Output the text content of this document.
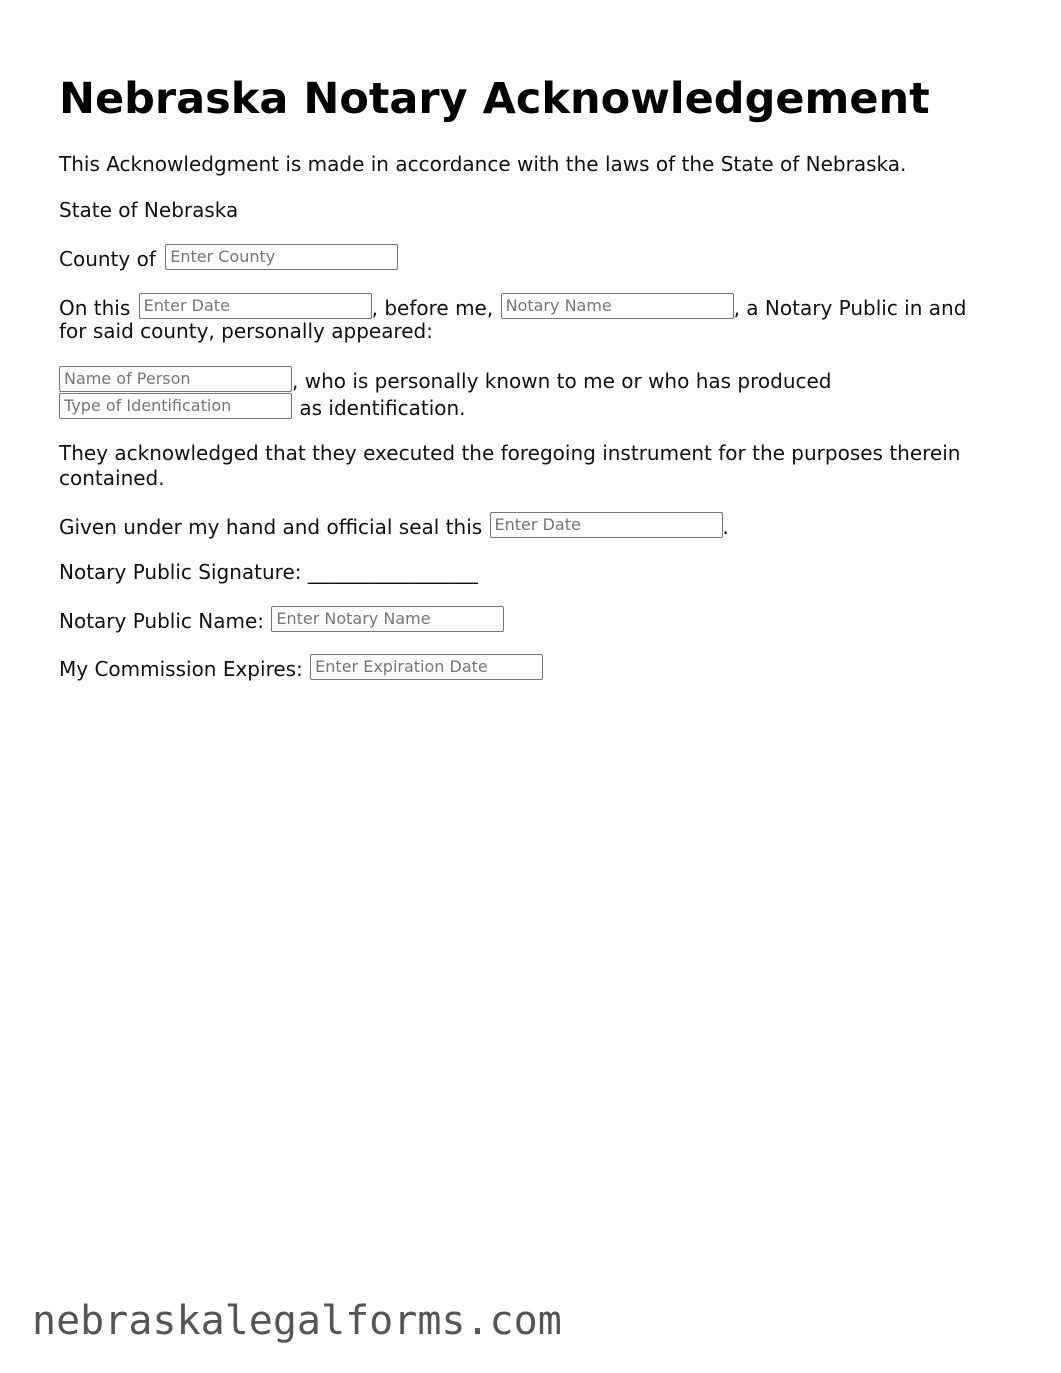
Nebraska Notary Acknowledgement
This Acknowledgment is made in accordance with the laws of the State of Nebraska.
State of Nebraska
County of Enter County
On this Enter Date	, before me, Notary Name	, a Notary Public in and
for said county, personally appeared:
Name of Person	, who is personally known to me or who has produced
Type of Identification	as identification.
They acknowledged that they executed the foregoing instrument for the purposes therein
contained.
Given under my hand and official seal this Enter Date	.
Notary Public Signature: _________________
Notary Public Name: Enter Notary Name
My Commission Expires: Enter Expiration Date
nebraskalegalforms.com
